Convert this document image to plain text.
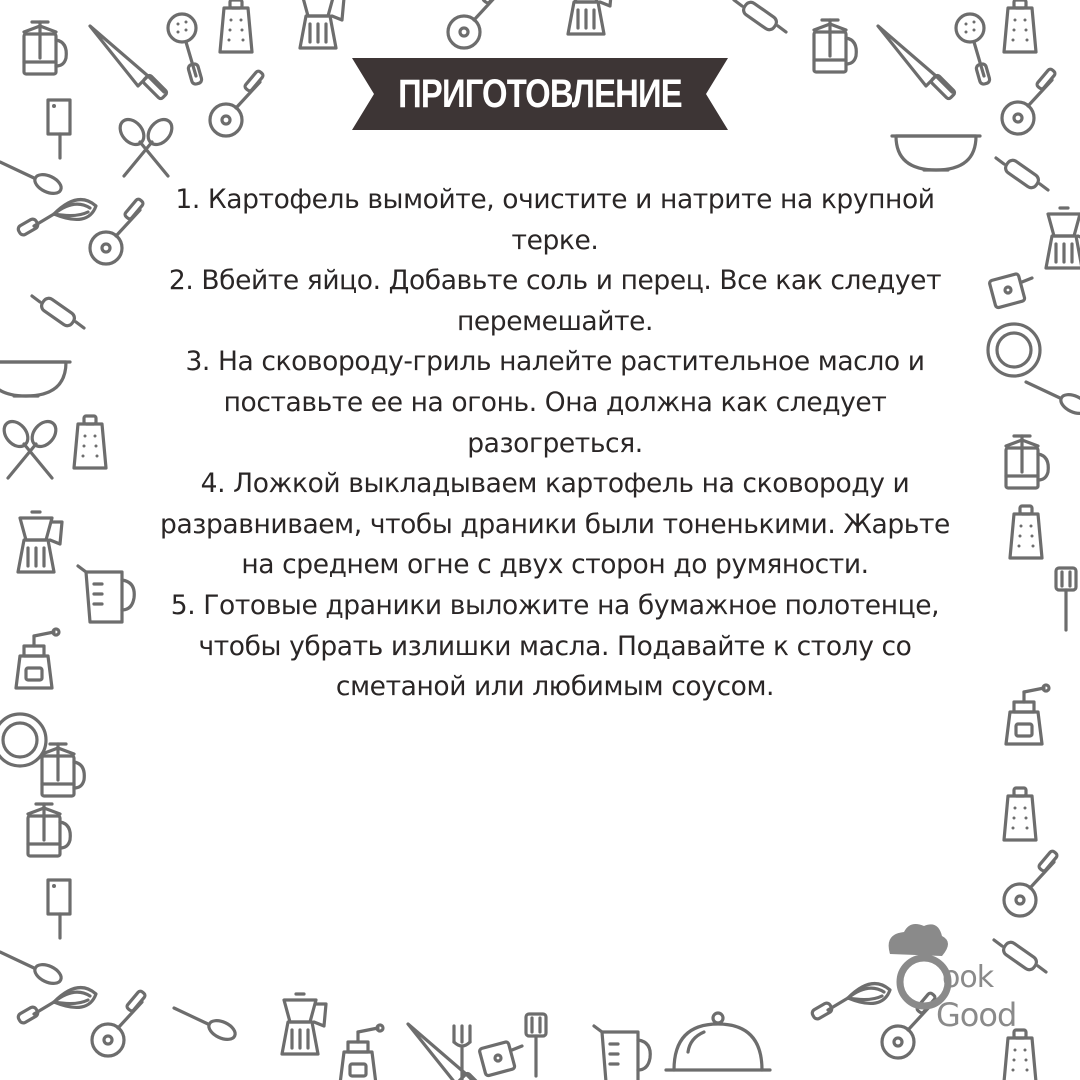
ПРИГОТОВЛЕНИЕ
1. Картофель вымойте, очистите и натрите на крупной терке.
2. Вбейте яйцо. Добавьте соль и перец. Все как следует перемешайте.
3. На сковороду-гриль налейте растительное масло и поставьте ее на огонь. Она должна как следует разогреться.
4. Ложкой выкладываем картофель на сковороду и разравниваем, чтобы драники были тоненькими. Жарьте на среднем огне с двух сторон до румяности.
5. Готовые драники выложите на бумажное полотенце, чтобы убрать излишки масла. Подавайте к столу со сметаной или любимым соусом.
ook
Good
